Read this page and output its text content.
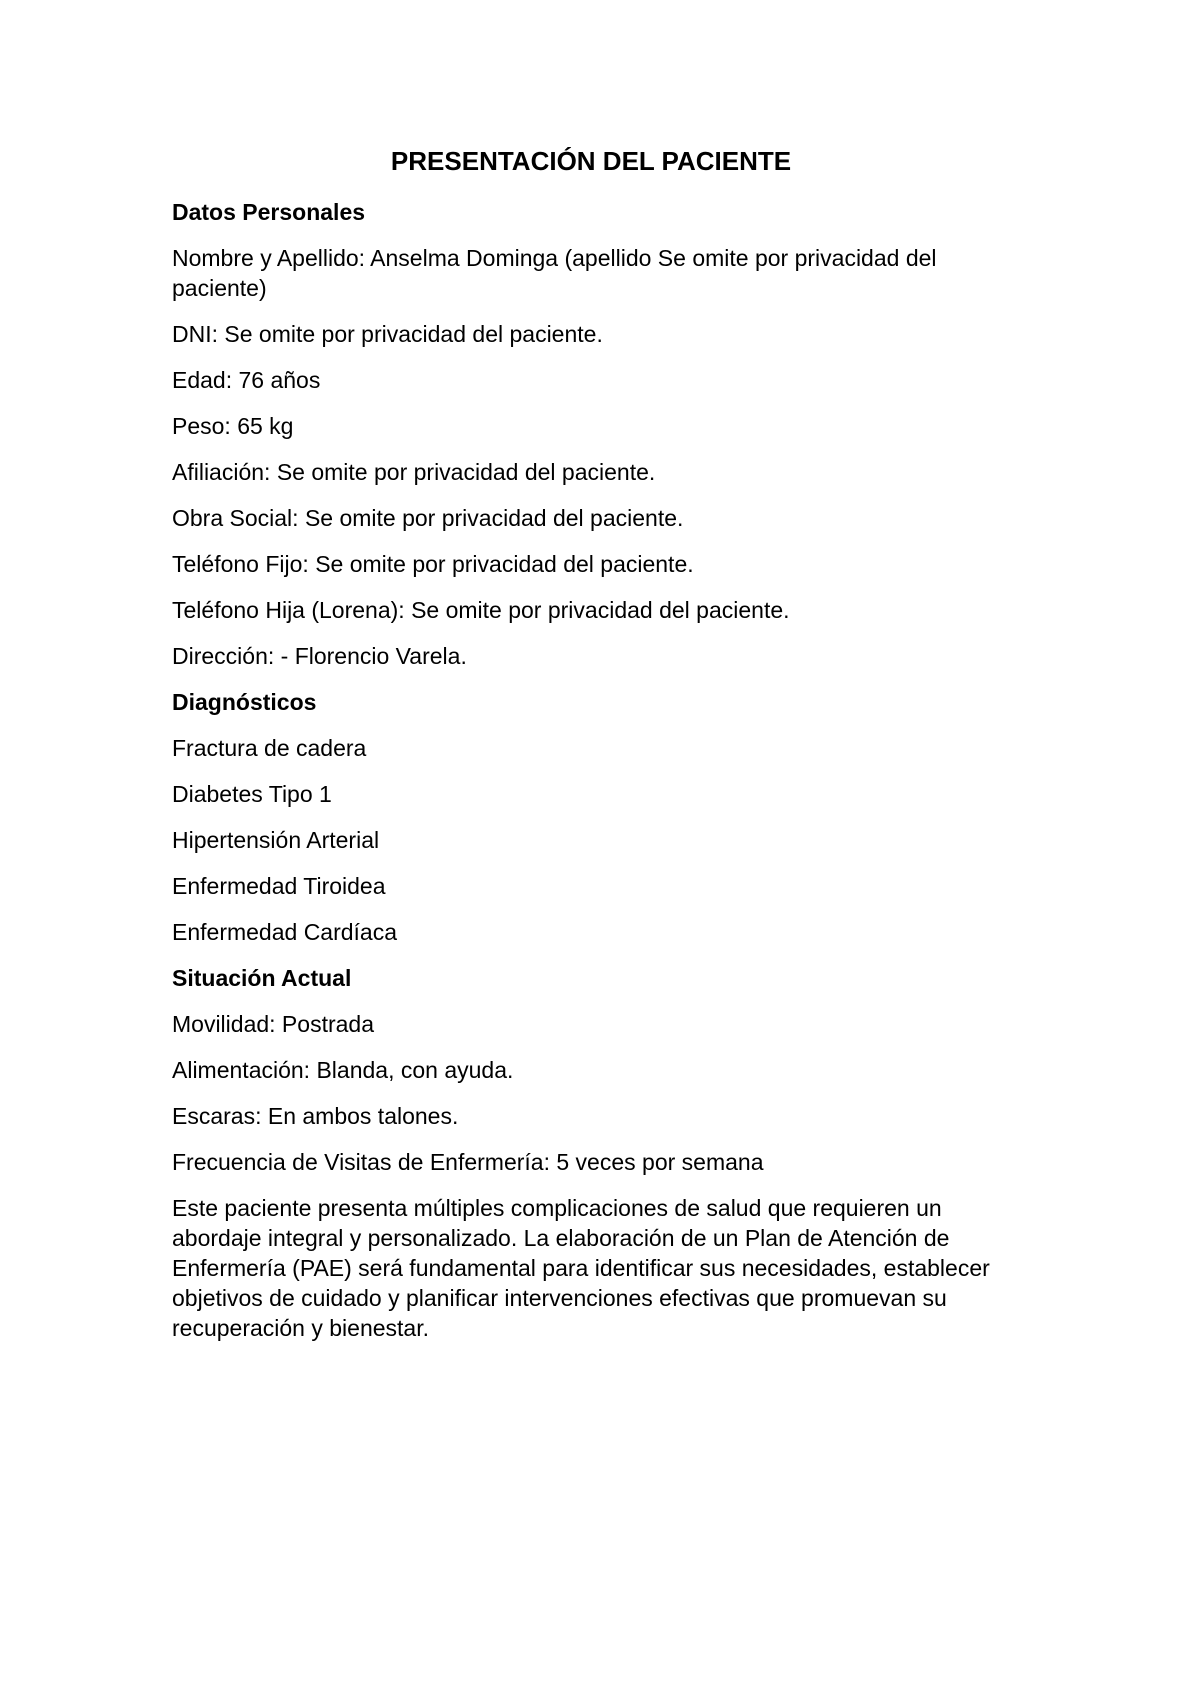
PRESENTACIÓN DEL PACIENTE
Datos Personales

Nombre y Apellido: Anselma Dominga (apellido Se omite por privacidad del paciente)

DNI: Se omite por privacidad del paciente.

Edad: 76 años

Peso: 65 kg

Afiliación: Se omite por privacidad del paciente.

Obra Social: Se omite por privacidad del paciente.

Teléfono Fijo: Se omite por privacidad del paciente.

Teléfono Hija (Lorena): Se omite por privacidad del paciente.

Dirección: - Florencio Varela.

Diagnósticos

Fractura de cadera

Diabetes Tipo 1

Hipertensión Arterial

Enfermedad Tiroidea

Enfermedad Cardíaca

Situación Actual

Movilidad: Postrada

Alimentación: Blanda, con ayuda.

Escaras: En ambos talones.

Frecuencia de Visitas de Enfermería: 5 veces por semana

Este paciente presenta múltiples complicaciones de salud que requieren un abordaje integral y personalizado. La elaboración de un Plan de Atención de Enfermería (PAE) será fundamental para identificar sus necesidades, establecer objetivos de cuidado y planificar intervenciones efectivas que promuevan su recuperación y bienestar.
